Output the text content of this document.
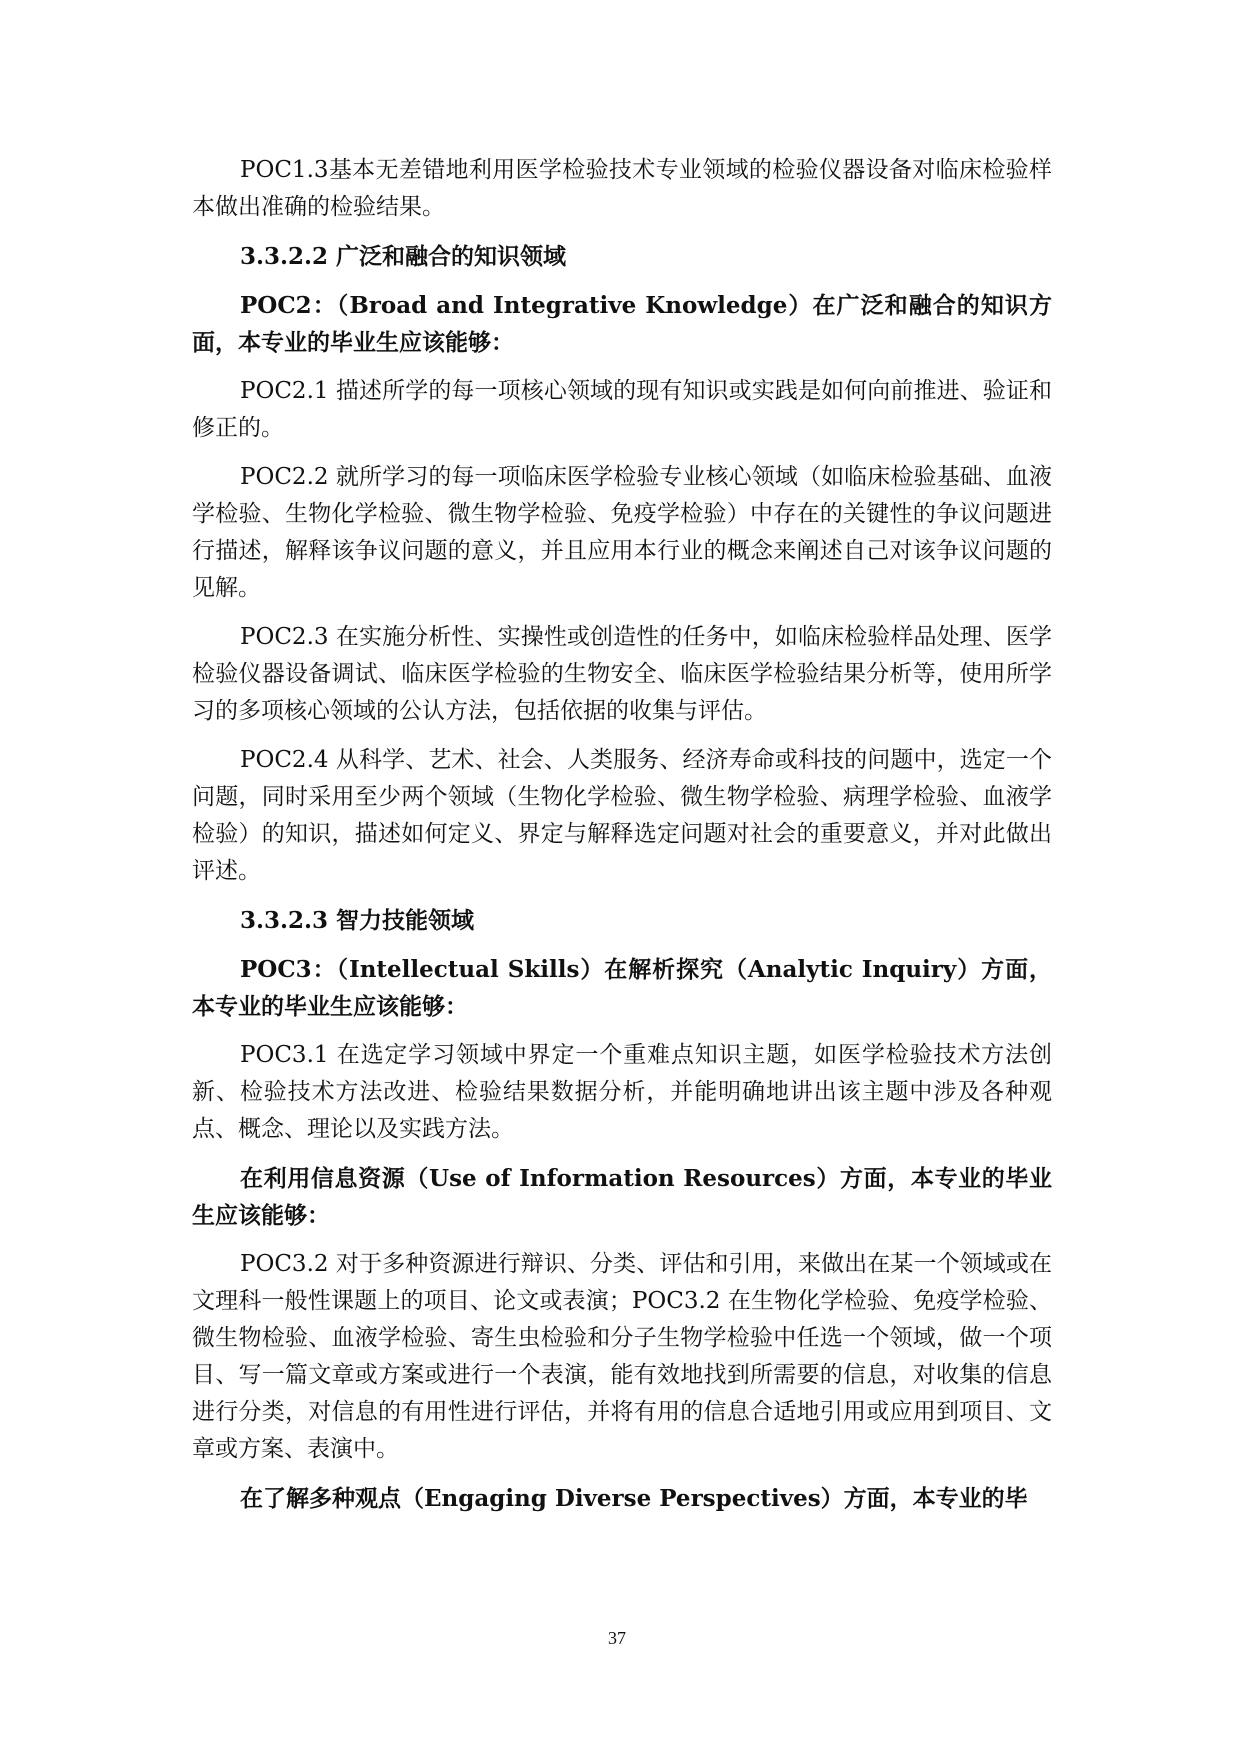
POC1.3基本无差错地利用医学检验技术专业领域的检验仪器设备对临床检验样本做出准确的检验结果。

3.3.2.2 广泛和融合的知识领域

POC2：（Broad and Integrative Knowledge）在广泛和融合的知识方面，本专业的毕业生应该能够：

POC2.1 描述所学的每一项核心领域的现有知识或实践是如何向前推进、验证和修正的。

POC2.2 就所学习的每一项临床医学检验专业核心领域（如临床检验基础、血液学检验、生物化学检验、微生物学检验、免疫学检验）中存在的关键性的争议问题进行描述，解释该争议问题的意义，并且应用本行业的概念来阐述自己对该争议问题的见解。

POC2.3 在实施分析性、实操性或创造性的任务中，如临床检验样品处理、医学检验仪器设备调试、临床医学检验的生物安全、临床医学检验结果分析等，使用所学习的多项核心领域的公认方法，包括依据的收集与评估。

POC2.4 从科学、艺术、社会、人类服务、经济寿命或科技的问题中，选定一个问题，同时采用至少两个领域（生物化学检验、微生物学检验、病理学检验、血液学检验）的知识，描述如何定义、界定与解释选定问题对社会的重要意义，并对此做出评述。

3.3.2.3 智力技能领域

POC3：（Intellectual Skills）在解析探究（Analytic Inquiry）方面，本专业的毕业生应该能够：

POC3.1 在选定学习领域中界定一个重难点知识主题，如医学检验技术方法创新、检验技术方法改进、检验结果数据分析，并能明确地讲出该主题中涉及各种观点、概念、理论以及实践方法。

在利用信息资源（Use of Information Resources）方面，本专业的毕业生应该能够：

POC3.2 对于多种资源进行辩识、分类、评估和引用，来做出在某一个领域或在文理科一般性课题上的项目、论文或表演；POC3.2 在生物化学检验、免疫学检验、微生物检验、血液学检验、寄生虫检验和分子生物学检验中任选一个领域，做一个项目、写一篇文章或方案或进行一个表演，能有效地找到所需要的信息，对收集的信息进行分类，对信息的有用性进行评估，并将有用的信息合适地引用或应用到项目、文章或方案、表演中。

在了解多种观点（Engaging Diverse Perspectives）方面，本专业的毕

37
